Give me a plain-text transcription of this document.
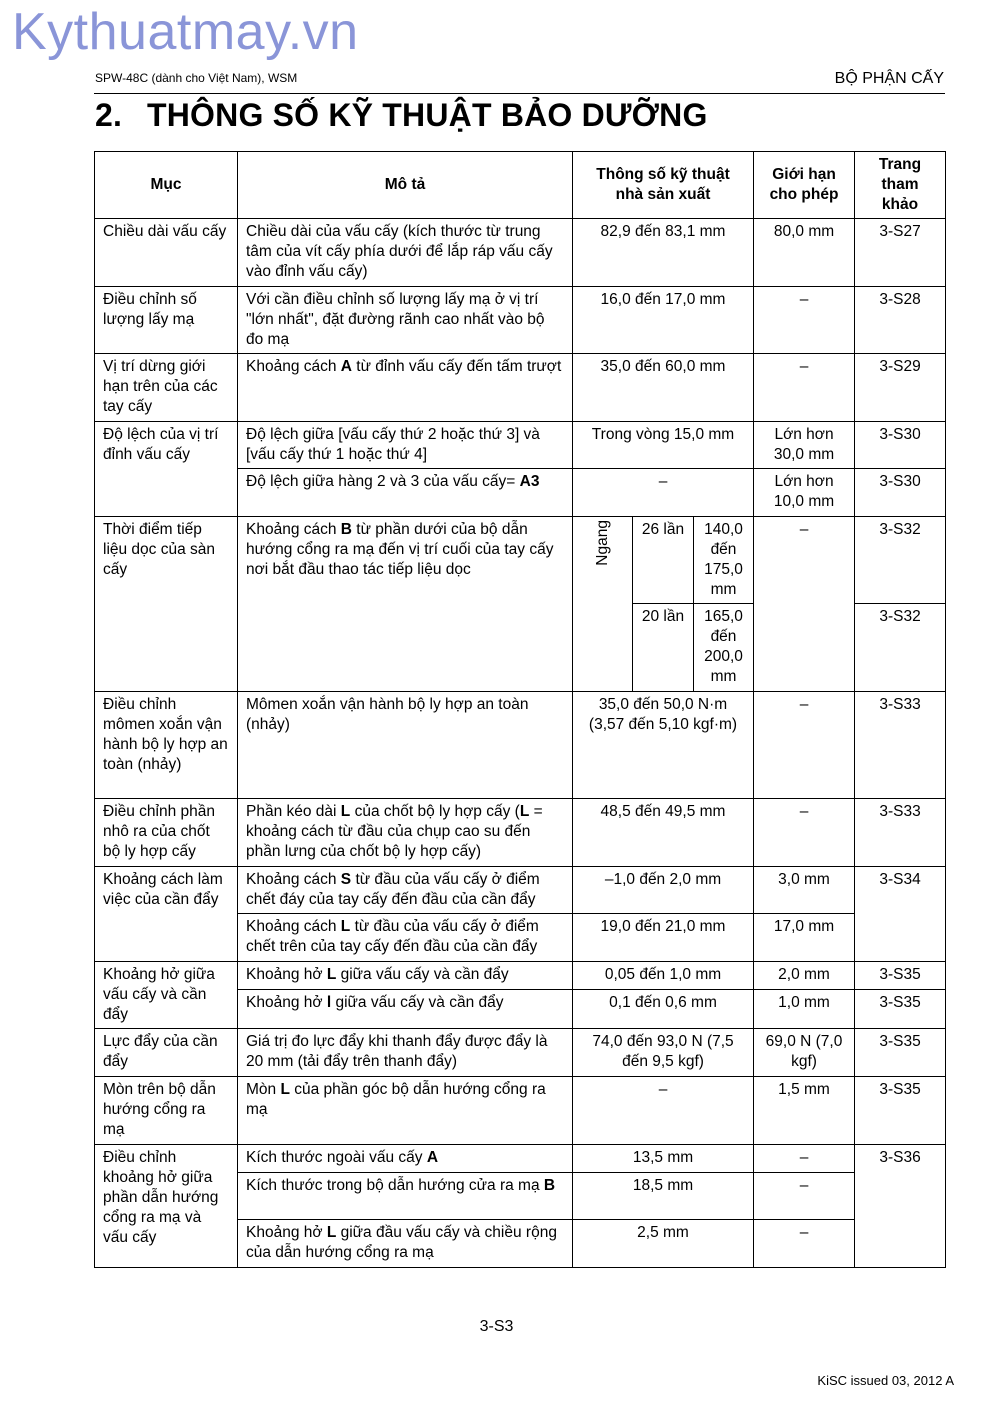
Kythuatmay.vn
SPW-48C (dành cho Việt Nam), WSM	BỘ PHẬN CẤY
2. THÔNG SỐ KỸ THUẬT BẢO DƯỠNG
Mục	Mô tả	Thông số kỹ thuật nhà sản xuất			Giới hạn cho phép	Trang tham khảo
Chiều dài vấu cấy	Chiều dài của vấu cấy (kích thước từ trung tâm của vít cấy phía dưới để lắp ráp vấu cấy vào đỉnh vấu cấy)	82,9 đến 83,1 mm			80,0 mm	3-S27
Điều chỉnh số lượng lấy mạ	Với cần điều chỉnh số lượng lấy mạ ở vị trí "lớn nhất", đặt đường rãnh cao nhất vào bộ đo mạ	16,0 đến 17,0 mm			–	3-S28
Vị trí dừng giới hạn trên của các tay cấy	Khoảng cách A từ đỉnh vấu cấy đến tấm trượt	35,0 đến 60,0 mm			–	3-S29
Độ lệch của vị trí đỉnh vấu cấy	Độ lệch giữa [vấu cấy thứ 2 hoặc thứ 3] và [vấu cấy thứ 1 hoặc thứ 4]	Trong vòng 15,0 mm			Lớn hơn 30,0 mm	3-S30
	Độ lệch giữa hàng 2 và 3 của vấu cấy= A3	–			Lớn hơn 10,0 mm	3-S30
Thời điểm tiếp liệu dọc của sàn cấy	Khoảng cách B từ phần dưới của bộ dẫn hướng cổng ra mạ đến vị trí cuối của tay cấy nơi bắt đầu thao tác tiếp liệu dọc	Ngang	26 lần	140,0 đến 175,0 mm	–	3-S32
			20 lần	165,0 đến 200,0 mm		3-S32
Điều chỉnh mômen xoắn vận hành bộ ly hợp an toàn (nhảy)	Mômen xoắn vận hành bộ ly hợp an toàn (nhảy)	35,0 đến 50,0 N·m (3,57 đến 5,10 kgf·m)			–	3-S33
Điều chỉnh phần nhô ra của chốt bộ ly hợp cấy	Phần kéo dài L của chốt bộ ly hợp cấy (L = khoảng cách từ đầu của chụp cao su đến phần lưng của chốt bộ ly hợp cấy)	48,5 đến 49,5 mm			–	3-S33
Khoảng cách làm việc của cần đẩy	Khoảng cách S từ đầu của vấu cấy ở điểm chết đáy của tay cấy đến đầu của cần đẩy	–1,0 đến 2,0 mm			3,0 mm	3-S34
	Khoảng cách L từ đầu của vấu cấy ở điểm chết trên của tay cấy đến đầu của cần đẩy	19,0 đến 21,0 mm			17,0 mm	
Khoảng hở giữa vấu cấy và cần đẩy	Khoảng hở L giữa vấu cấy và cần đẩy	0,05 đến 1,0 mm			2,0 mm	3-S35
	Khoảng hở l giữa vấu cấy và cần đẩy	0,1 đến 0,6 mm			1,0 mm	3-S35
Lực đẩy của cần đẩy	Giá trị đo lực đẩy khi thanh đẩy được đẩy là 20 mm (tải đẩy trên thanh đẩy)	74,0 đến 93,0 N (7,5 đến 9,5 kgf)			69,0 N (7,0 kgf)	3-S35
Mòn trên bộ dẫn hướng cổng ra mạ	Mòn L của phần góc bộ dẫn hướng cổng ra mạ	–			1,5 mm	3-S35
Điều chỉnh khoảng hở giữa phần dẫn hướng cổng ra mạ và vấu cấy	Kích thước ngoài vấu cấy A	13,5 mm			–	3-S36
	Kích thước trong bộ dẫn hướng cửa ra mạ B	18,5 mm			–	
	Khoảng hở L giữa đầu vấu cấy và chiều rộng của dẫn hướng cổng ra mạ	2,5 mm			–	
3-S3
KiSC issued 03, 2012 A
